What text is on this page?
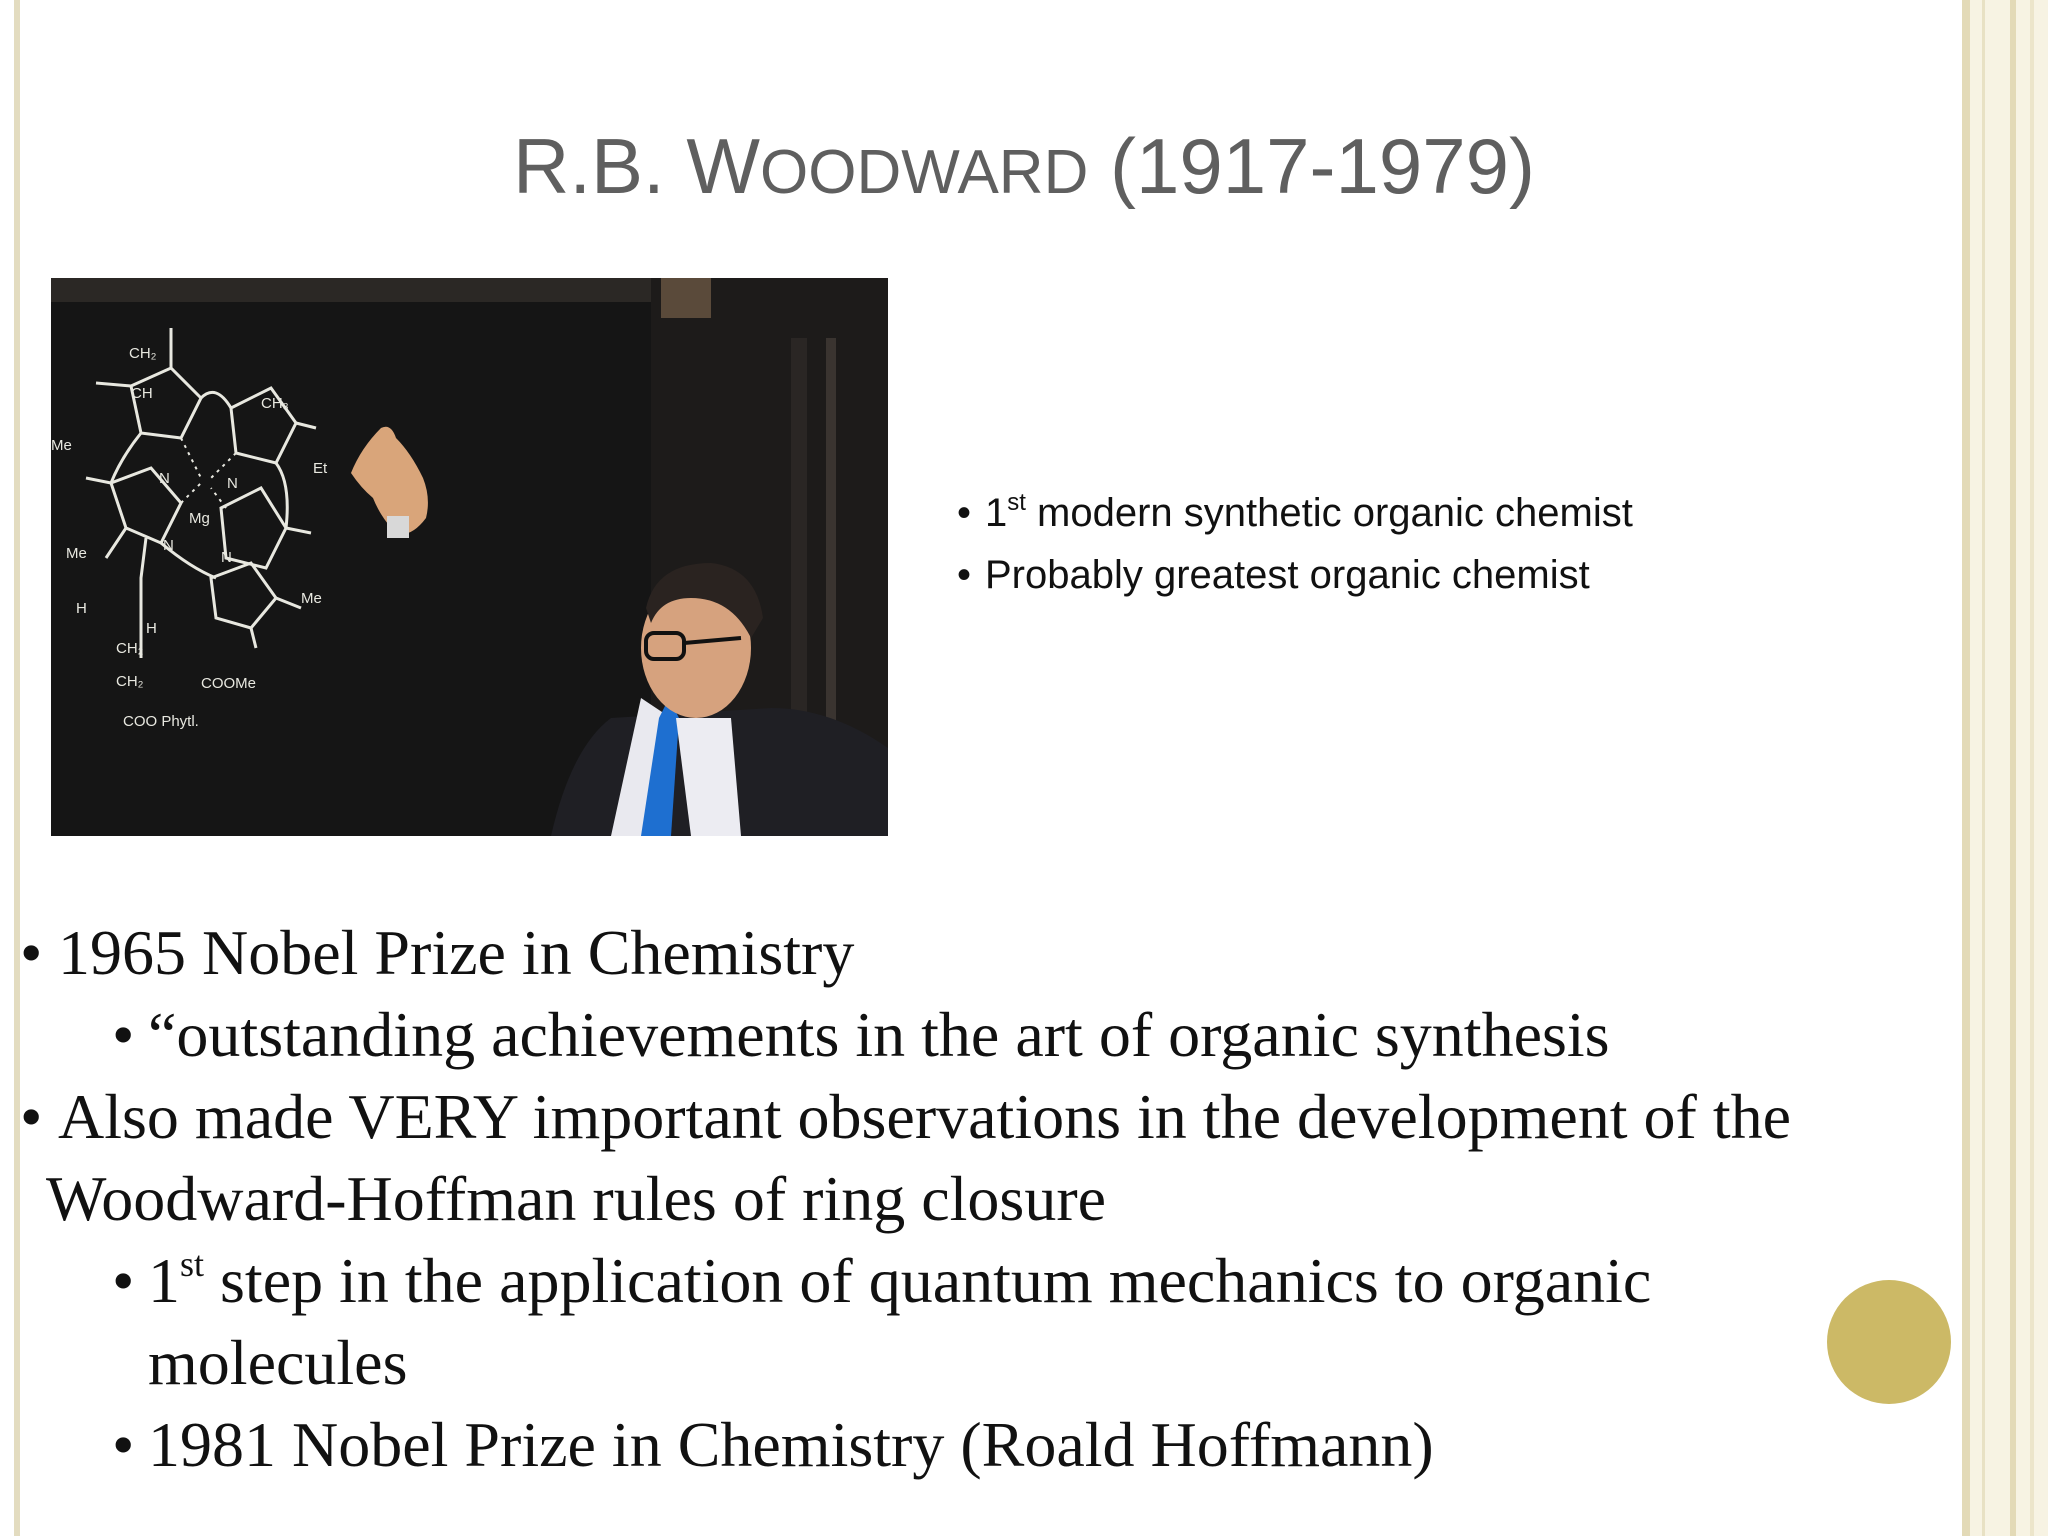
R.B. WOODWARD (1917-1979)
CH₂
CH
CH₃
Me
Et
Mg
N	N
N
N
Me
Me
H
H
CH₂
CH₂
COO Phytl.
COOMe
• 1st modern synthetic organic chemist
• Probably greatest organic chemist
• 1965 Nobel Prize in Chemistry
• “outstanding achievements in the art of organic synthesis
• Also made VERY important observations in the development of the
Woodward-Hoffman rules of ring closure
• 1st step in the application of quantum mechanics to organic
molecules
• 1981 Nobel Prize in Chemistry (Roald Hoffmann)
